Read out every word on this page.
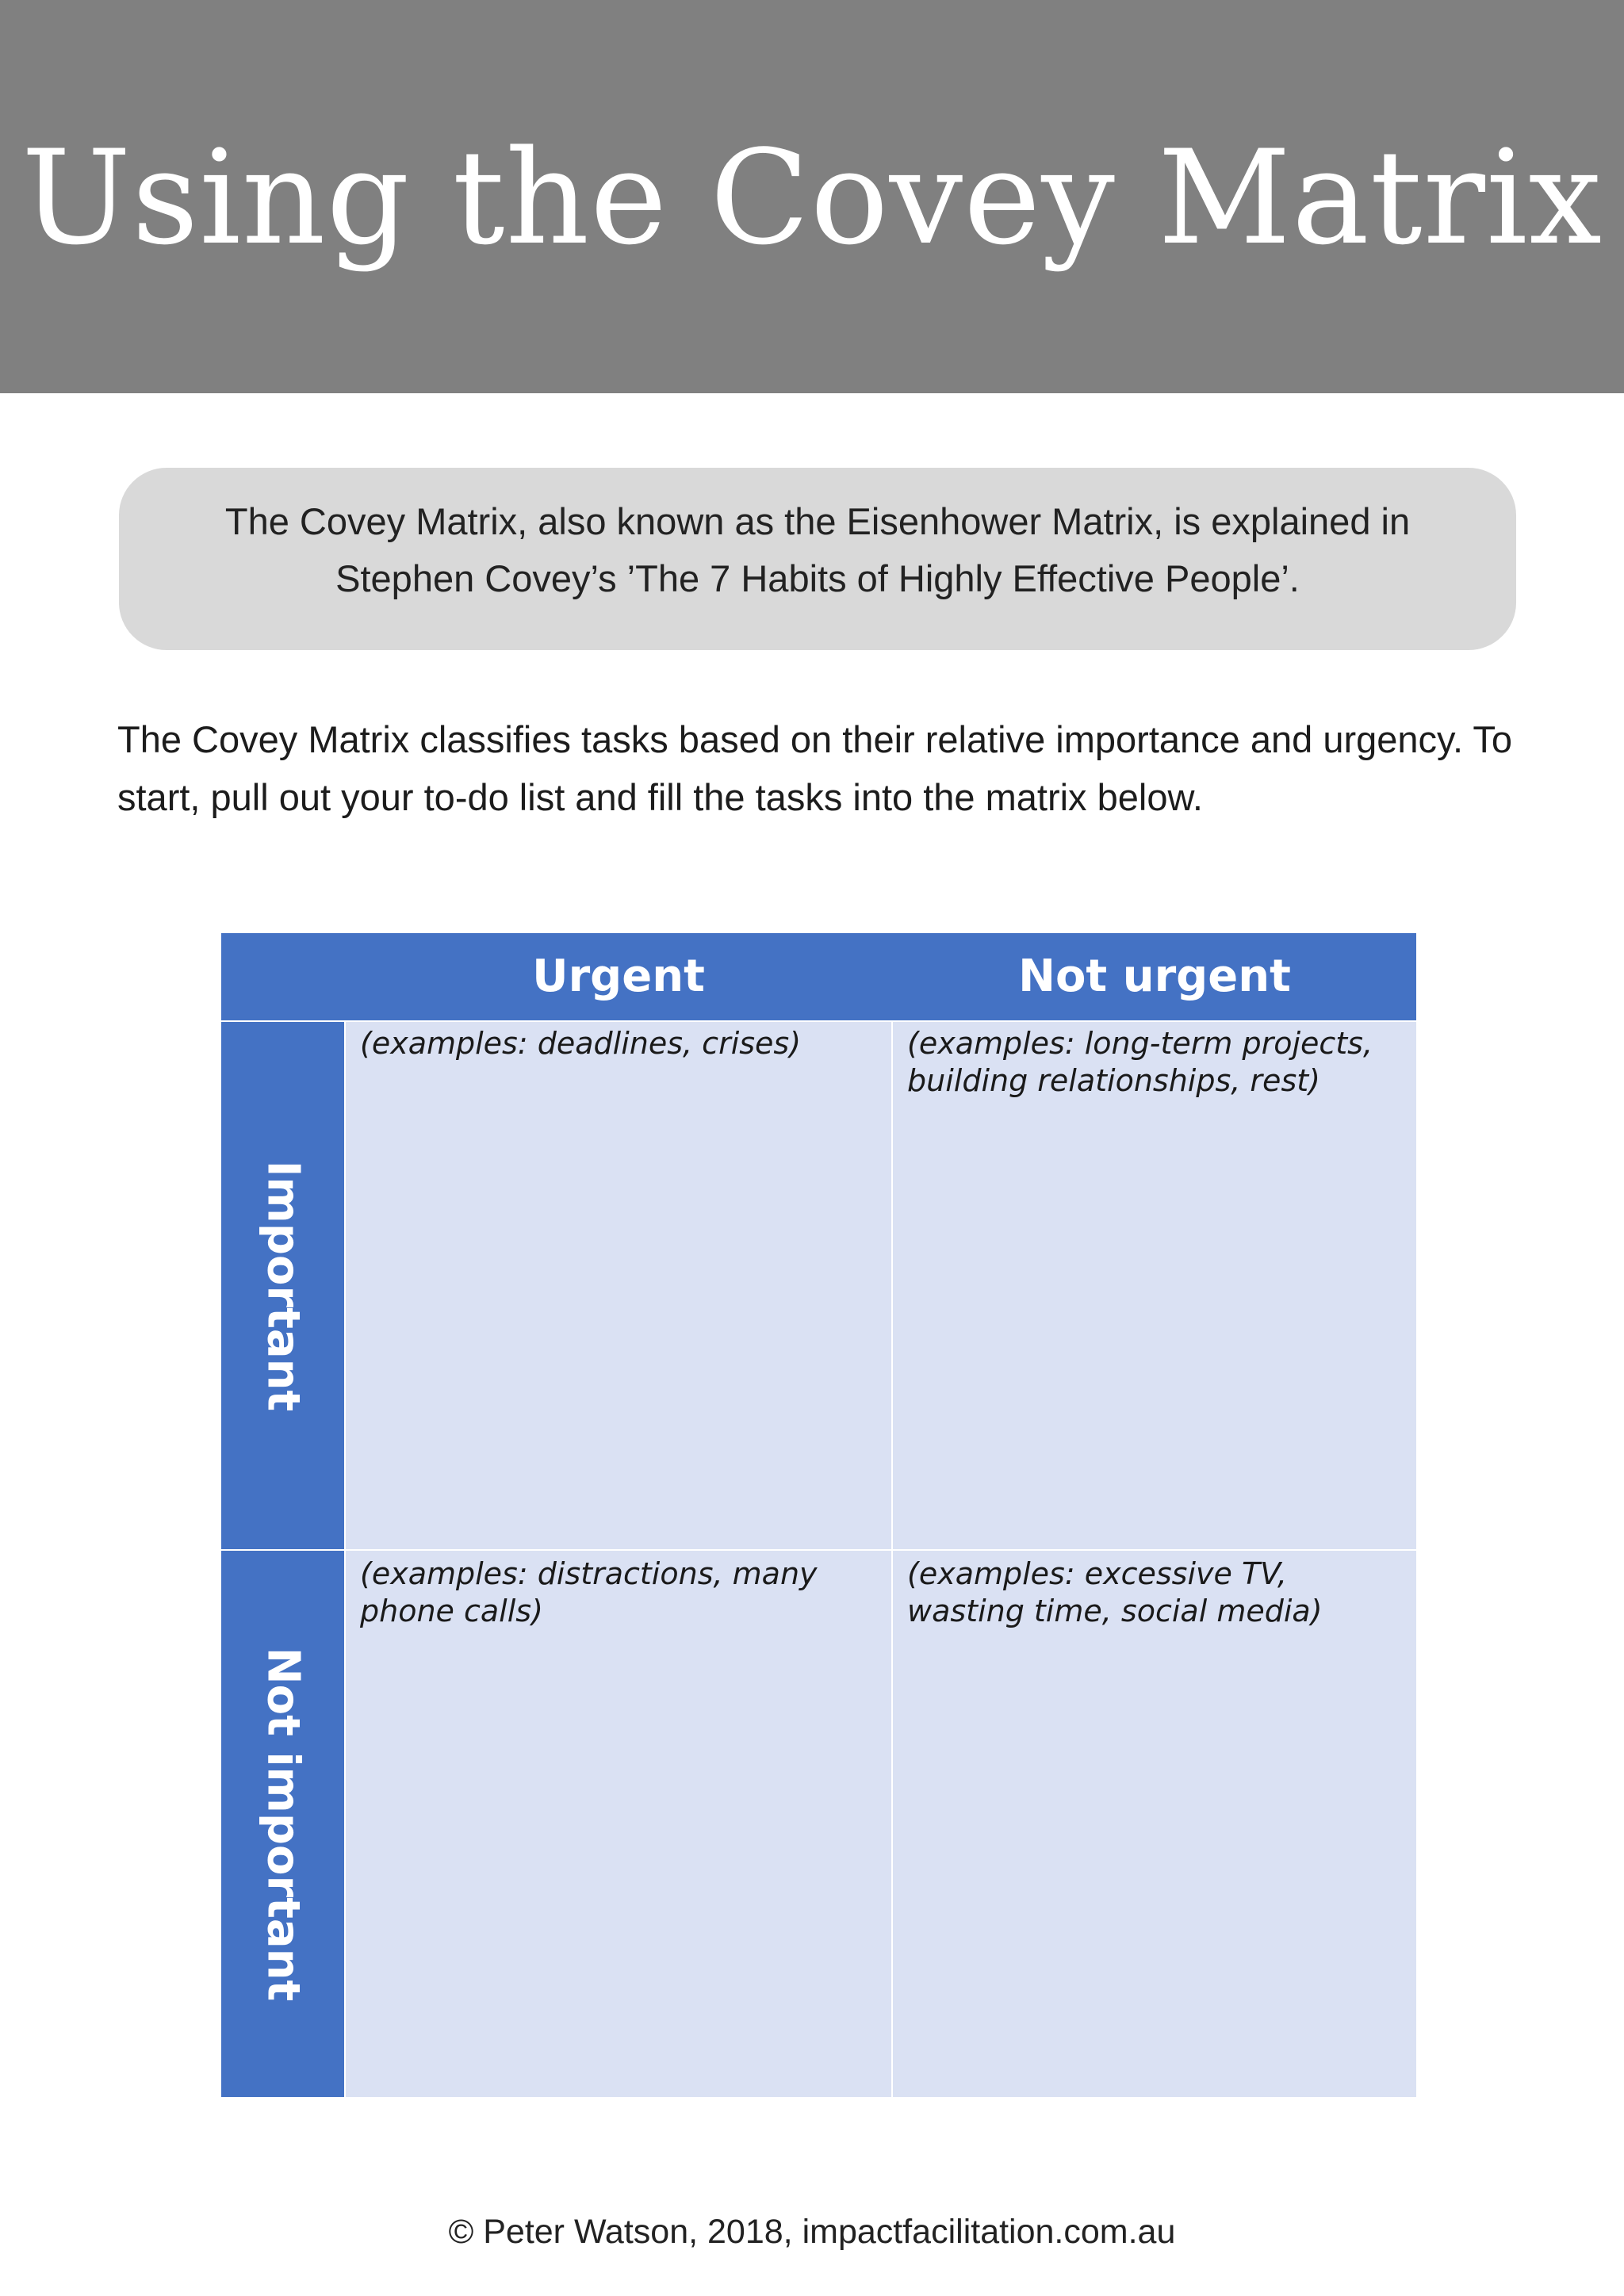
Using the Covey Matrix

The Covey Matrix, also known as the Eisenhower Matrix, is explained in

Stephen Covey’s ’The 7 Habits of Highly Effective People’.

The Covey Matrix classifies tasks based on their relative importance and urgency. To start, pull out your to-do list and fill the tasks into the matrix below.

Urgent	Not urgent
Important
Not important
(examples: deadlines, crises)	(examples: long-term projects, building relationships, rest)
(examples: distractions, many phone calls)
(examples: excessive TV, wasting time, social media)
© Peter Watson, 2018, impactfacilitation.com.au
